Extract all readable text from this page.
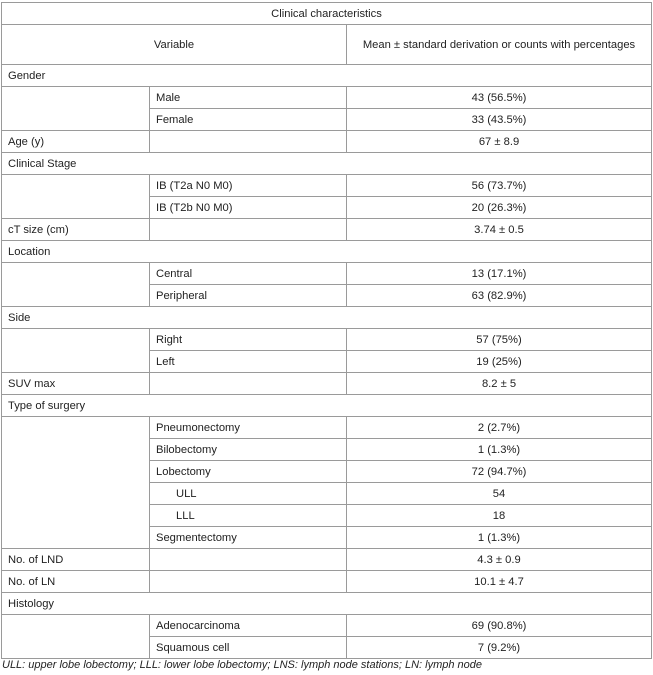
Clinical characteristics		
Variable		Mean ± standard derivation or counts with percentages
Gender		
	Male	43 (56.5%)
	Female	33 (43.5%)
Age (y)		67 ± 8.9
Clinical Stage		
	IB (T2a N0 M0)	56 (73.7%)
	IB (T2b N0 M0)	20 (26.3%)
cT size (cm)		3.74 ± 0.5
Location		
	Central	13 (17.1%)
	Peripheral	63 (82.9%)
Side		
	Right	57 (75%)
	Left	19 (25%)
SUV max		8.2 ± 5
Type of surgery		
	Pneumonectomy	2 (2.7%)
	Bilobectomy	1 (1.3%)
	Lobectomy	72 (94.7%)
	ULL	54
	LLL	18
	Segmentectomy	1 (1.3%)
No. of LND		4.3 ± 0.9
No. of LN		10.1 ± 4.7
Histology		
	Adenocarcinoma	69 (90.8%)
	Squamous cell	7 (9.2%)
ULL: upper lobe lobectomy; LLL: lower lobe lobectomy; LNS: lymph node stations; LN: lymph node
